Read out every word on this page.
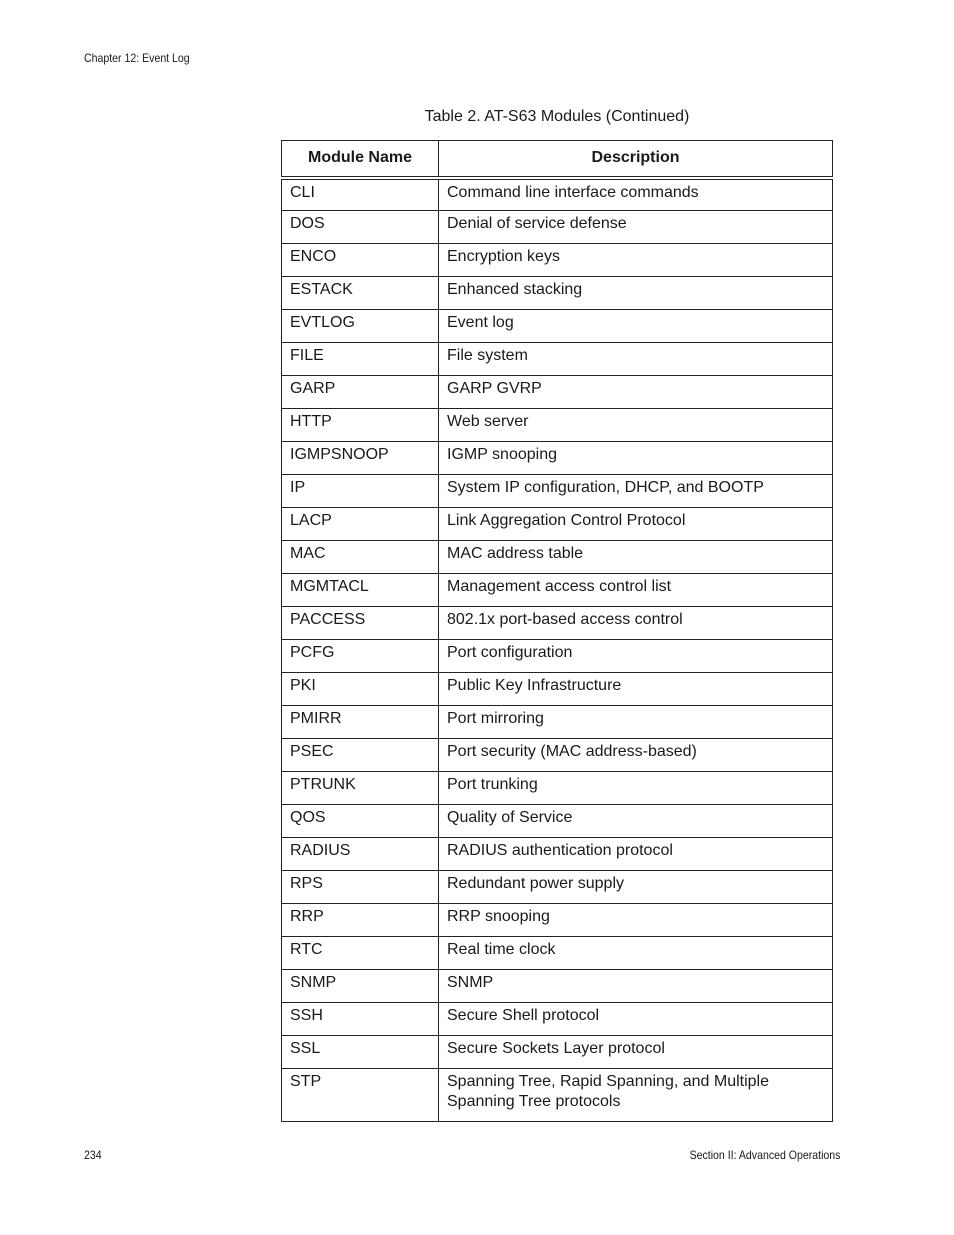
Chapter 12: Event Log
Table 2. AT-S63 Modules (Continued)
Module Name	Description
CLI	Command line interface commands
DOS	Denial of service defense
ENCO	Encryption keys
ESTACK	Enhanced stacking
EVTLOG	Event log
FILE	File system
GARP	GARP GVRP
HTTP	Web server
IGMPSNOOP	IGMP snooping
IP	System IP configuration, DHCP, and BOOTP
LACP	Link Aggregation Control Protocol
MAC	MAC address table
MGMTACL	Management access control list
PACCESS	802.1x port-based access control
PCFG	Port configuration
PKI	Public Key Infrastructure
PMIRR	Port mirroring
PSEC	Port security (MAC address-based)
PTRUNK	Port trunking
QOS	Quality of Service
RADIUS	RADIUS authentication protocol
RPS	Redundant power supply
RRP	RRP snooping
RTC	Real time clock
SNMP	SNMP
SSH	Secure Shell protocol
SSL	Secure Sockets Layer protocol
STP	Spanning Tree, Rapid Spanning, and Multiple
Spanning Tree protocols
234	Section II: Advanced Operations
